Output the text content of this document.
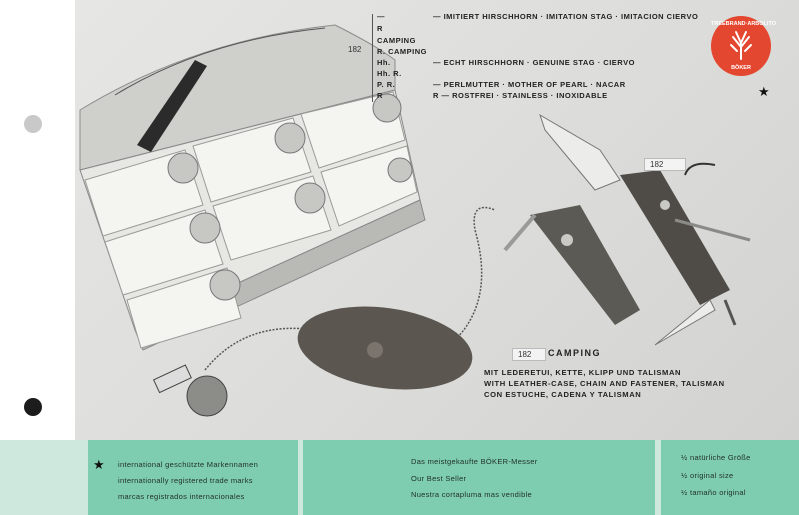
182
—	— IMITIERT HIRSCHHORN · IMITATION STAG · IMITACION CIERVO
R
CAMPING
R. CAMPING
Hh.	— ECHT HIRSCHHORN · GENUINE STAG · CIERVO
Hh. R.
P. R.	— PERLMUTTER · MOTHER OF PEARL · NACAR
R	R — ROSTFREI · STAINLESS · INOXIDABLE
TREEBRAND·ARBOLITO
BÖKER
★
182
182	CAMPING
MIT LEDERETUI, KETTE, KLIPP UND TALISMAN
WITH LEATHER-CASE, CHAIN AND FASTENER, TALISMAN
CON ESTUCHE, CADENA Y TALISMAN
★ international geschützte Markennamen
internationally registered trade marks
marcas registrados internacionales
Das meistgekaufte BÖKER-Messer
Our Best Seller
Nuestra cortapluma mas vendible
½ natürliche Größe
½ original size
½ tamaño original
